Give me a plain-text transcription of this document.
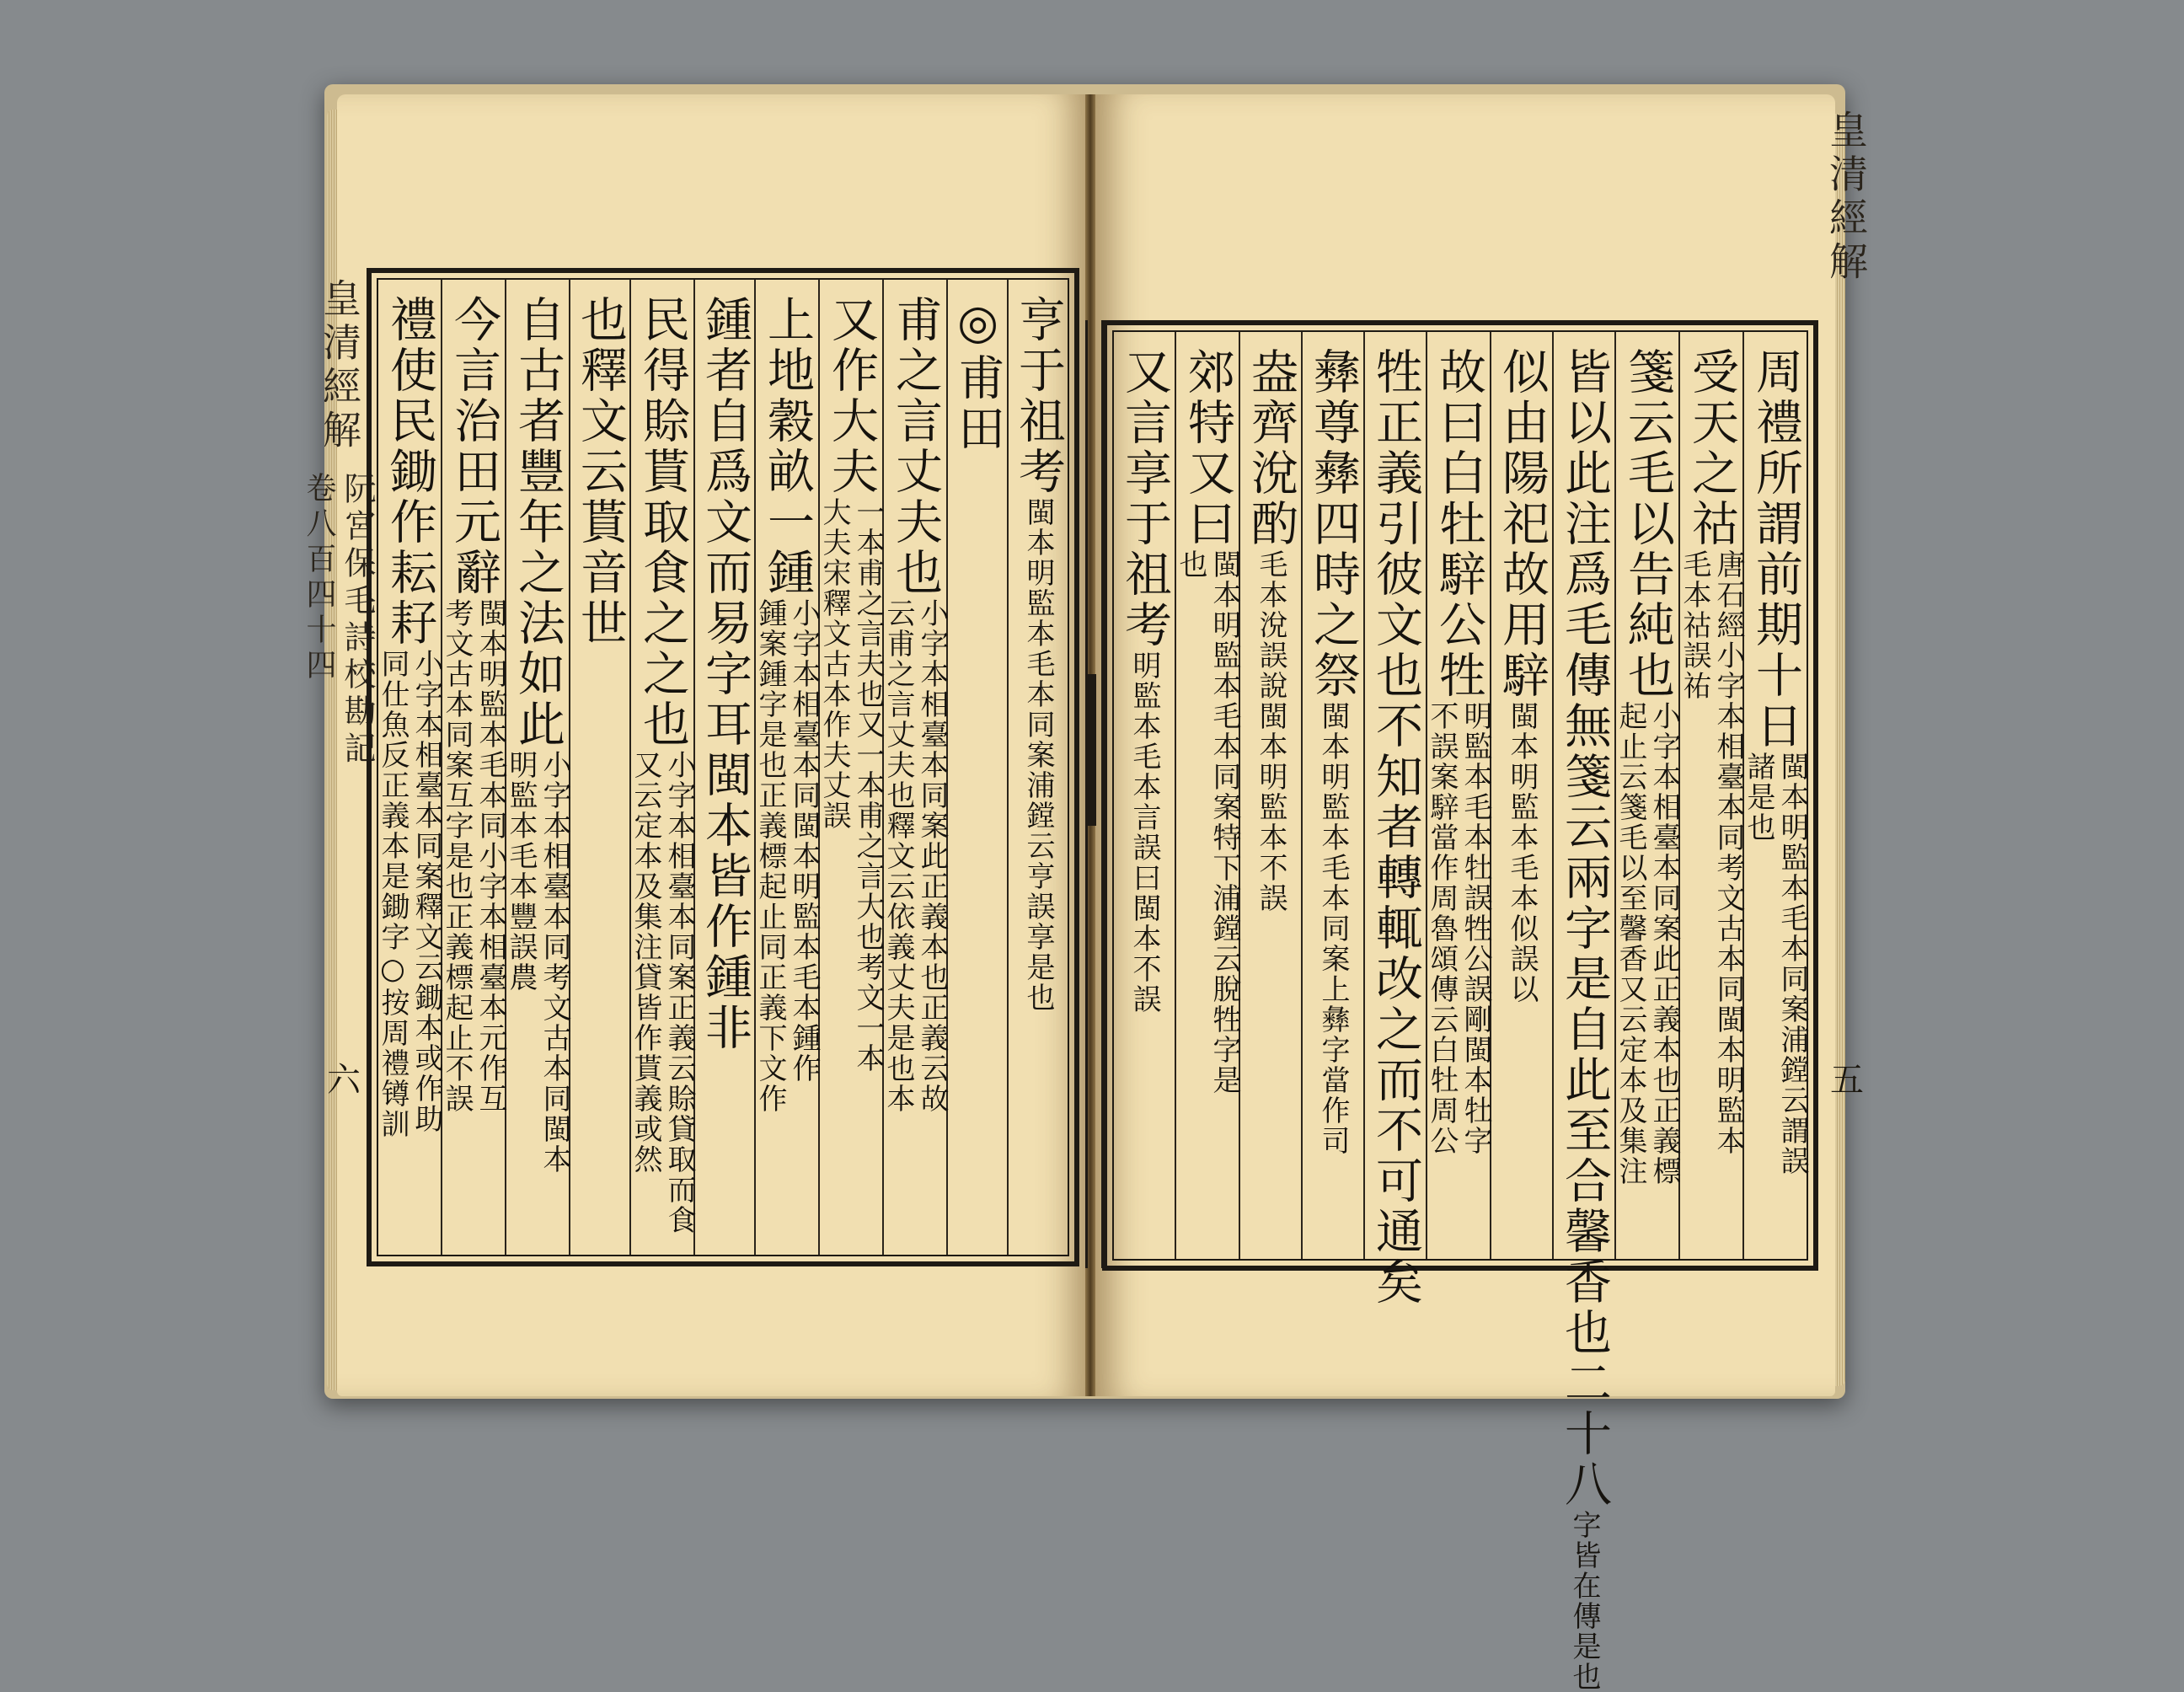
皇清經解
阮宮保毛詩校勘記
卷八百四十四
六
亨于祖考
閩本明監本毛本同案浦鏜云亨誤享是也
◎甫田
甫之言丈夫也
小字本相臺本同案此正義本也正義云故
云甫之言丈夫也釋文云依義丈夫是也本
又作大夫
一本甫之言夫也又一本甫之言大也考文一本
大夫宋釋文古本作夫丈誤
上地穀畝一鍾
小字本相臺本同閩本明監本毛本鍾作
鍾案鍾字是也正義標起止同正義下文作
鍾者自爲文而易字耳閩本皆作鍾非
民得賒貰取食之之也
小字本相臺本同案正義云賒貸取而食
又云定本及集注貸皆作貰義或然
也釋文云貰音世
自古者豐年之法如此
小字本相臺本同考文古本同閩本
明監本毛本豐誤農
今言治田元辭
閩本明監本毛本同小字本相臺本元作互
考文古本同案互字是也正義標起止不誤
禮使民鋤作耘耔
小字本相臺本同案釋文云鋤本或作助
同仕魚反正義本是鋤字○按周禮𨱔訓
周禮所謂前期十日
閩本明監本毛本同案浦鏜云謂誤
諸是也
受天之祜
唐石經小字本相臺本同考文古本同閩本明監本
毛本祜誤祐
箋云毛以告純也
小字本相臺本同案此正義本也正義標
起止云箋毛以至馨香又云定本及集注
皆以此注爲毛傳無箋云兩字是自此至合馨香也二十八
字皆在傳是也
似由陽祀故用騂
閩本明監本毛本似誤以
故曰白牡騂公牲
明監本毛本牡誤牲公誤剛閩本牡字
不誤案騂當作周魯頌傳云白牡周公
牲正義引彼文也不知者轉輒改之而不可通矣
彝尊彝四時之祭
閩本明監本毛本同案上彝字當作司
盎齊涗酌
毛本涗誤說閩本明監本不誤
郊特又曰
閩本明監本毛本同案特下浦鏜云脫牲字是
也
又言享于祖考
明監本毛本言誤曰閩本不誤
皇清經解
五
